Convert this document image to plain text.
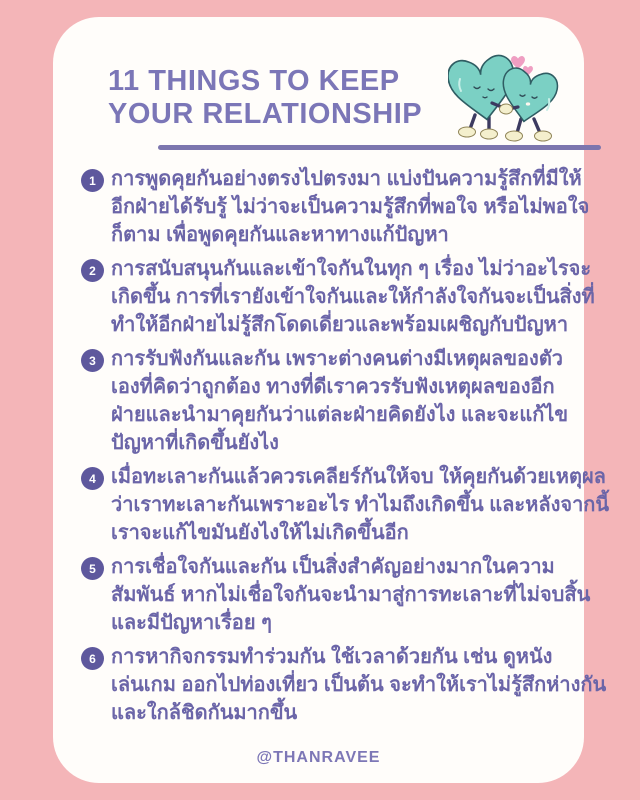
11 THINGS TO KEEP
YOUR RELATIONSHIP
1 การพูดคุยกันอย่างตรงไปตรงมา แบ่งปันความรู้สึกที่มีให้
อีกฝ่ายได้รับรู้ ไม่ว่าจะเป็นความรู้สึกที่พอใจ หรือไม่พอใจ
ก็ตาม เพื่อพูดคุยกันและหาทางแก้ปัญหา
2 การสนับสนุนกันและเข้าใจกันในทุก ๆ เรื่อง ไม่ว่าอะไรจะ
เกิดขึ้น การที่เรายังเข้าใจกันและให้กำลังใจกันจะเป็นสิ่งที่
ทำให้อีกฝ่ายไม่รู้สึกโดดเดี่ยวและพร้อมเผชิญกับปัญหา
3 การรับฟังกันและกัน เพราะต่างคนต่างมีเหตุผลของตัว
เองที่คิดว่าถูกต้อง ทางที่ดีเราควรรับฟังเหตุผลของอีก
ฝ่ายและนำมาคุยกันว่าแต่ละฝ่ายคิดยังไง และจะแก้ไข
ปัญหาที่เกิดขึ้นยังไง
4 เมื่อทะเลาะกันแล้วควรเคลียร์กันให้จบ ให้คุยกันด้วยเหตุผล
ว่าเราทะเลาะกันเพราะอะไร ทำไมถึงเกิดขึ้น และหลังจากนี้
เราจะแก้ไขมันยังไงให้ไม่เกิดขึ้นอีก
5 การเชื่อใจกันและกัน เป็นสิ่งสำคัญอย่างมากในความ
สัมพันธ์ หากไม่เชื่อใจกันจะนำมาสู่การทะเลาะที่ไม่จบสิ้น
และมีปัญหาเรื่อย ๆ
6 การหากิจกรรมทำร่วมกัน ใช้เวลาด้วยกัน เช่น ดูหนัง
เล่นเกม ออกไปท่องเที่ยว เป็นต้น จะทำให้เราไม่รู้สึกห่างกัน
และใกล้ชิดกันมากขึ้น
@THANRAVEE
